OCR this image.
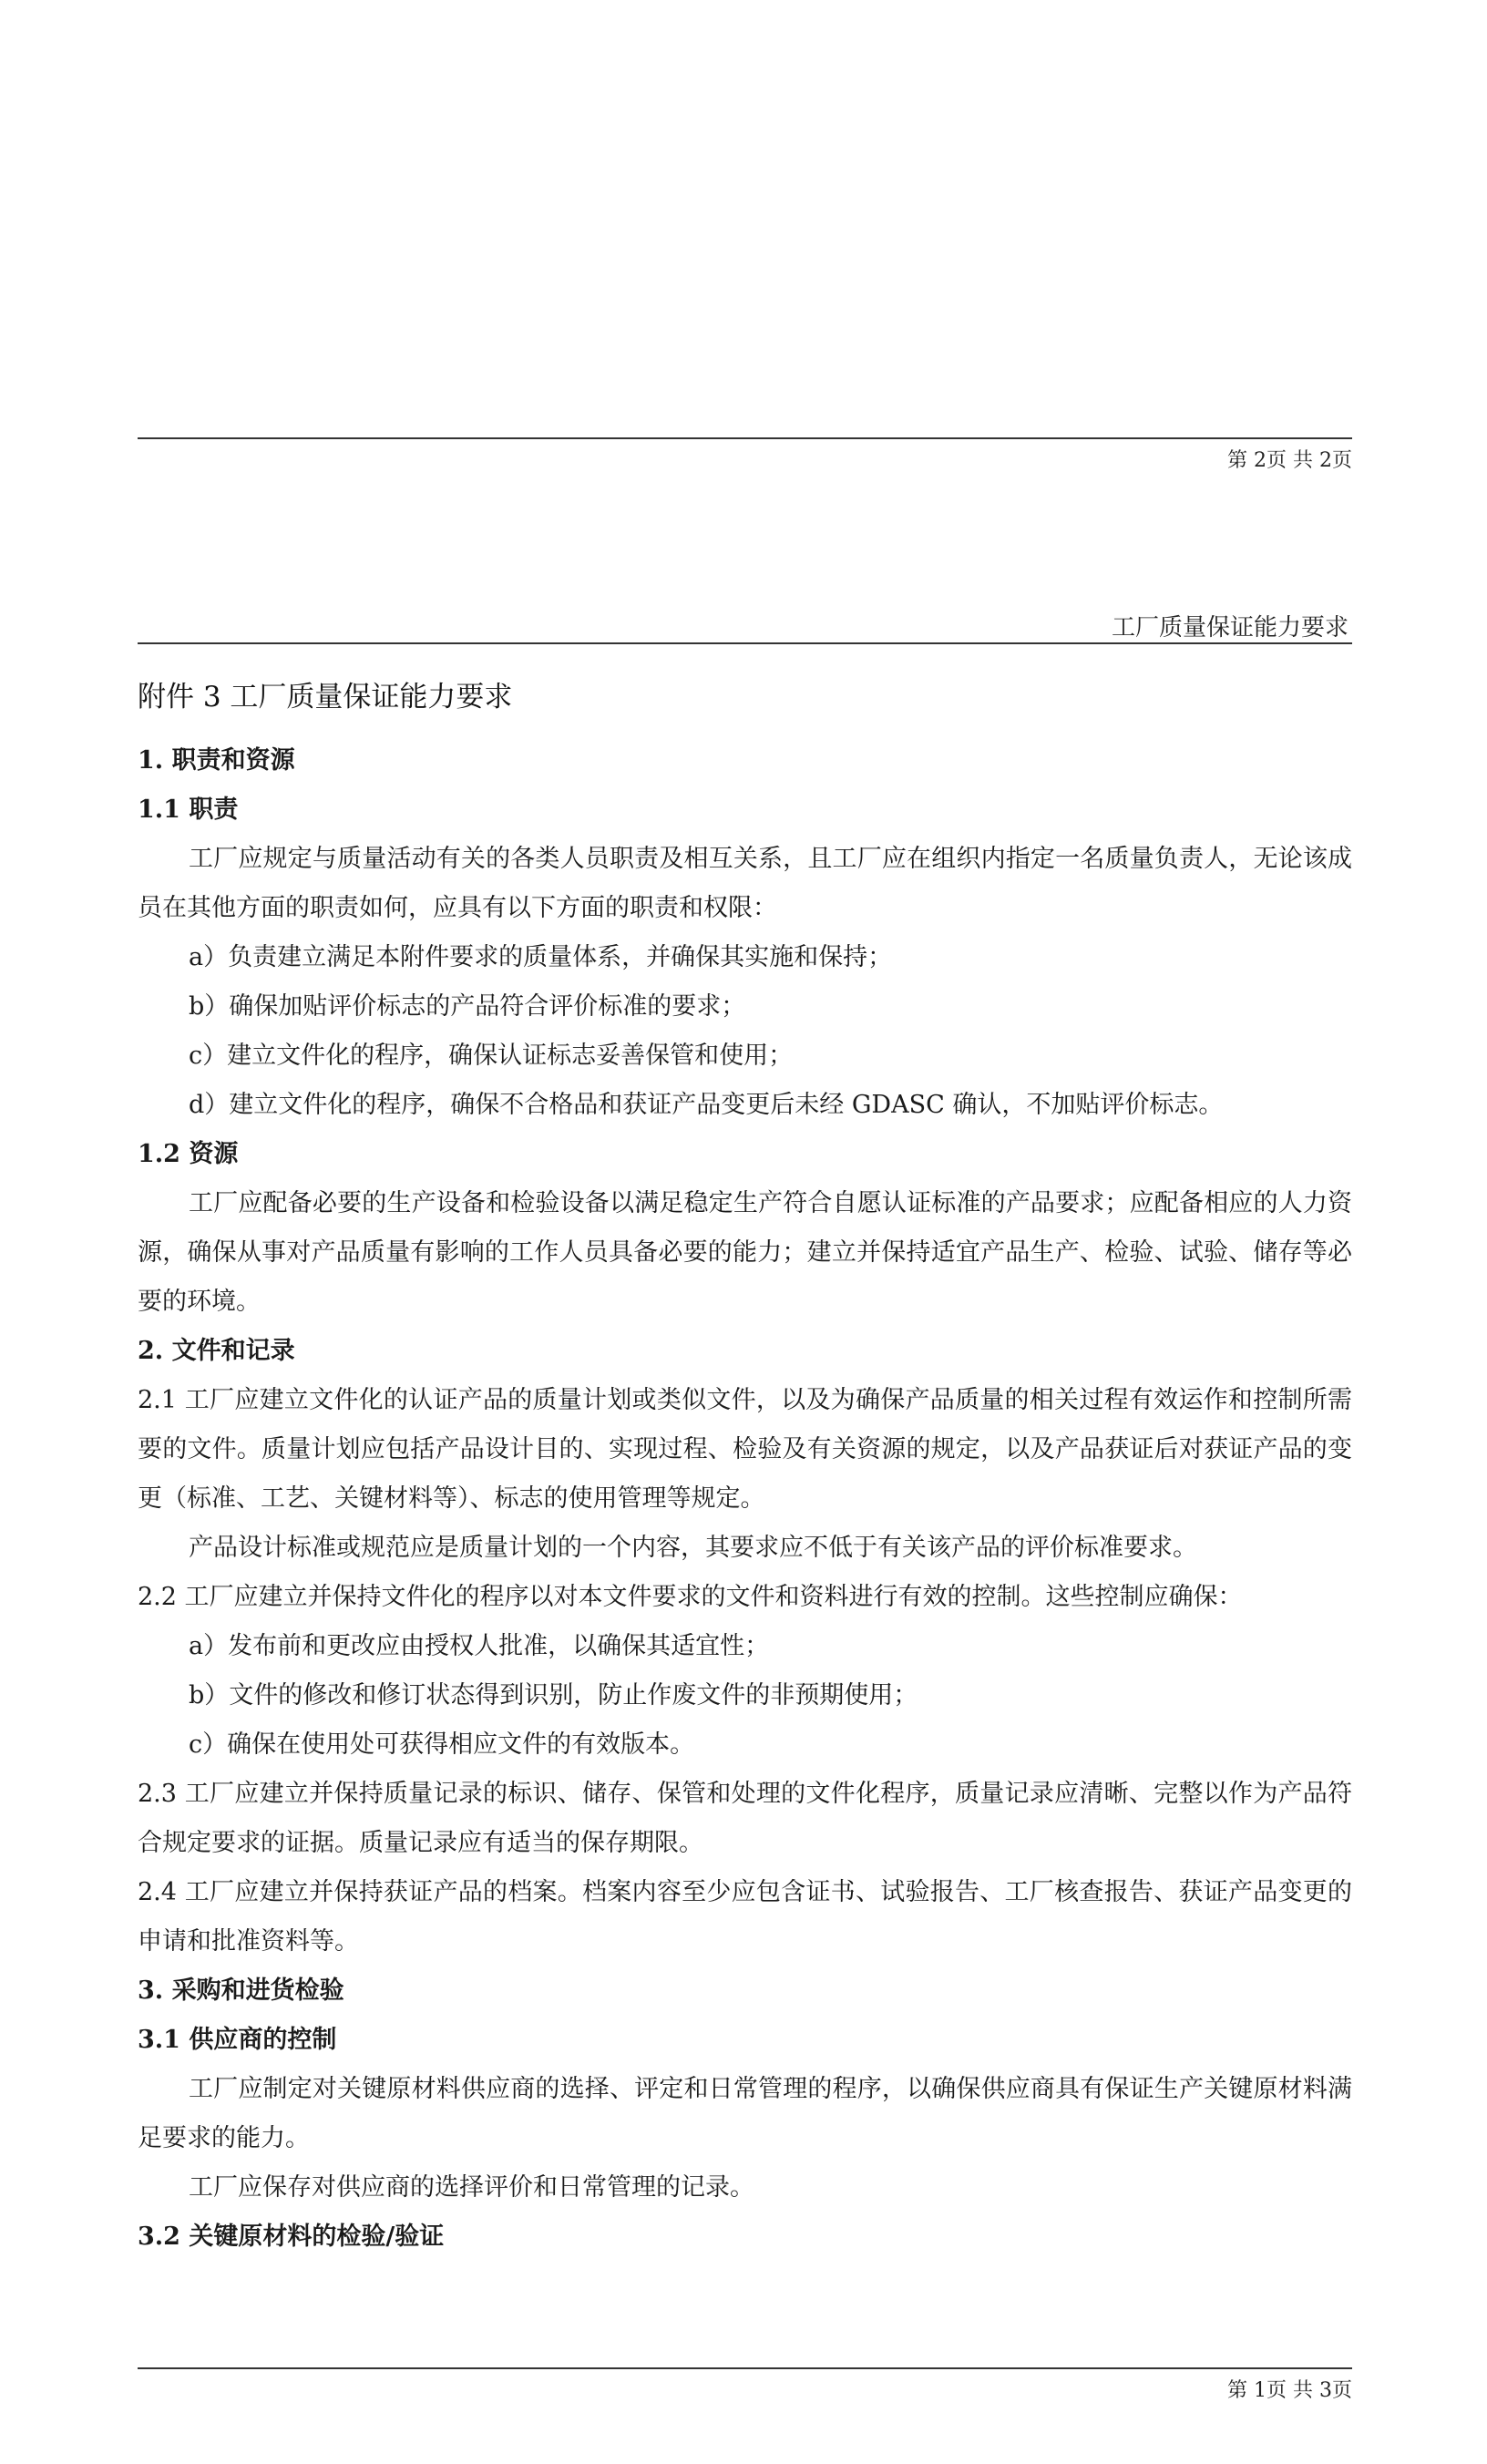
第 2页 共 2页
工厂质量保证能力要求
附件 3 工厂质量保证能力要求
1. 职责和资源
1.1 职责

工厂应规定与质量活动有关的各类人员职责及相互关系，且工厂应在组织内指定一名质量负责人，无论该成员在其他方面的职责如何，应具有以下方面的职责和权限：

a）负责建立满足本附件要求的质量体系，并确保其实施和保持；

b）确保加贴评价标志的产品符合评价标准的要求；

c）建立文件化的程序，确保认证标志妥善保管和使用；

d）建立文件化的程序，确保不合格品和获证产品变更后未经 GDASC 确认，不加贴评价标志。

1.2 资源

工厂应配备必要的生产设备和检验设备以满足稳定生产符合自愿认证标准的产品要求；应配备相应的人力资源，确保从事对产品质量有影响的工作人员具备必要的能力；建立并保持适宜产品生产、检验、试验、储存等必要的环境。

2. 文件和记录

2.1 工厂应建立文件化的认证产品的质量计划或类似文件，以及为确保产品质量的相关过程有效运作和控制所需要的文件。质量计划应包括产品设计目的、实现过程、检验及有关资源的规定，以及产品获证后对获证产品的变更（标准、工艺、关键材料等）、标志的使用管理等规定。

产品设计标准或规范应是质量计划的一个内容，其要求应不低于有关该产品的评价标准要求。

2.2 工厂应建立并保持文件化的程序以对本文件要求的文件和资料进行有效的控制。这些控制应确保：

a）发布前和更改应由授权人批准，以确保其适宜性；

b）文件的修改和修订状态得到识别，防止作废文件的非预期使用；

c）确保在使用处可获得相应文件的有效版本。

2.3 工厂应建立并保持质量记录的标识、储存、保管和处理的文件化程序，质量记录应清晰、完整以作为产品符合规定要求的证据。质量记录应有适当的保存期限。

2.4 工厂应建立并保持获证产品的档案。档案内容至少应包含证书、试验报告、工厂核查报告、获证产品变更的申请和批准资料等。

3. 采购和进货检验
3.1 供应商的控制

工厂应制定对关键原材料供应商的选择、评定和日常管理的程序，以确保供应商具有保证生产关键原材料满足要求的能力。

工厂应保存对供应商的选择评价和日常管理的记录。

3.2 关键原材料的检验/验证
第 1页 共 3页
